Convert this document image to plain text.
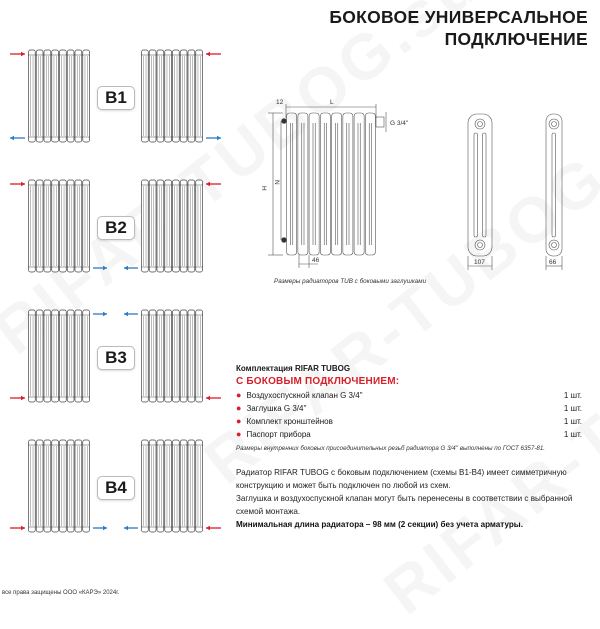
БОКОВОЕ УНИВЕРСАЛЬНОЕ
ПОДКЛЮЧЕНИЕ
B1
B2
B3
B4
12	L
H
N
46
G 3/4''
107	66
Размеры радиаторов TUB с боковыми заглушками
Комплектация RIFAR TUBOG
С БОКОВЫМ ПОДКЛЮЧЕНИЕМ:
● Воздухоспускной клапан G 3/4''	1 шт.
● Заглушка G 3/4''	1 шт.
● Комплект кронштейнов	1 шт.
● Паспорт прибора	1 шт.
Размеры внутренних боковых присоединительных резьб радиатора G 3/4'' выполнены по ГОСТ 6357-81.

Радиатор RIFAR TUBOG с боковым подключением (схемы B1-B4) имеет симметричную конструкцию и может быть подключен по любой из схем.

Заглушка и воздухоспускной клапан могут быть перенесены в соответствии с выбранной схемой монтажа.

Минимальная длина радиатора – 98 мм (2 секции) без учета арматуры.

все права защищены ООО «КАРЭ» 2024г.
